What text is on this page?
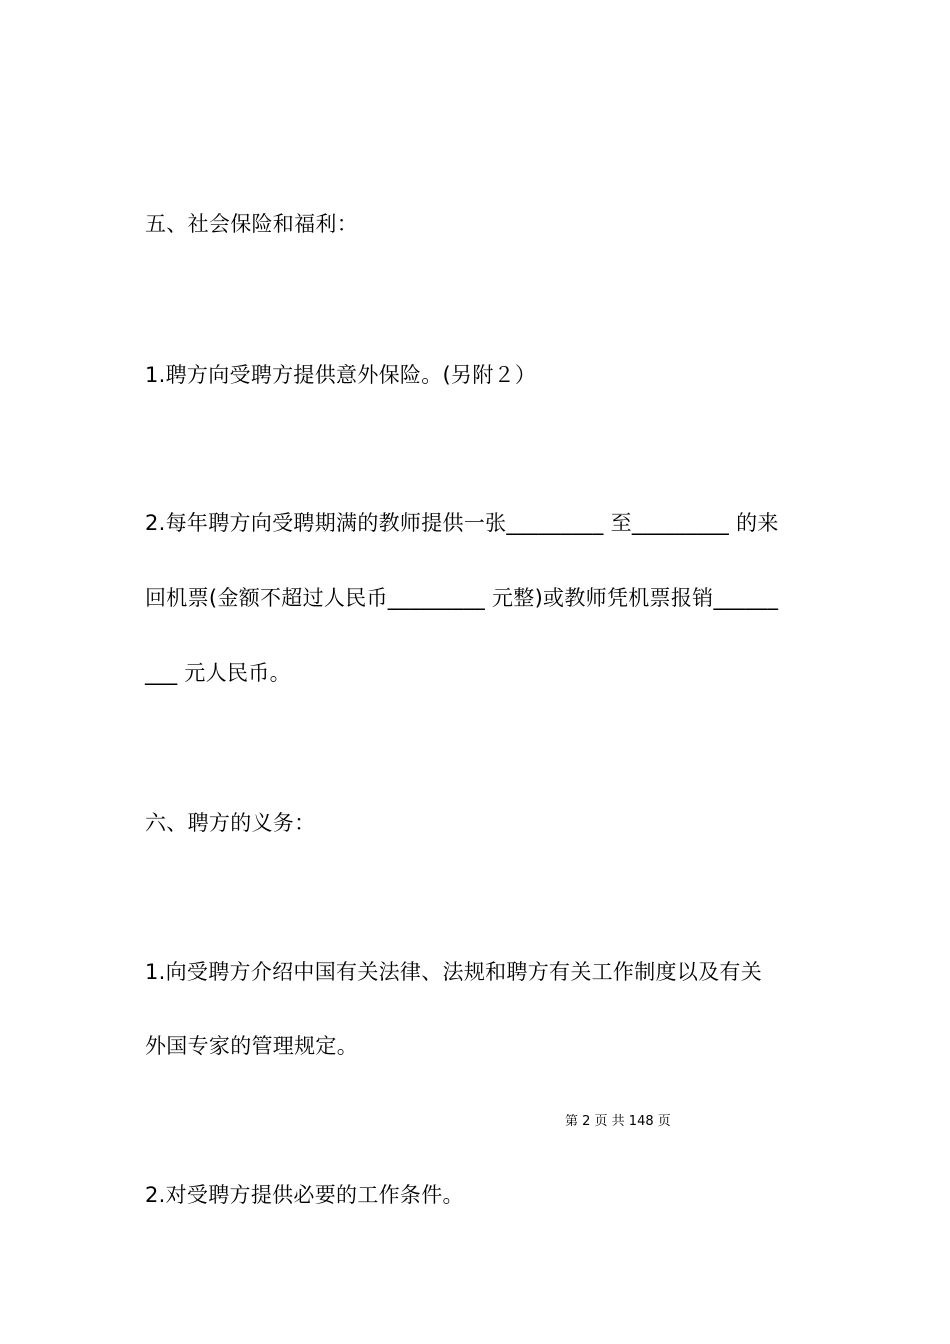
五、社会保险和福利：
1.聘方向受聘方提供意外保险。(另附２）
2.每年聘方向受聘期满的教师提供一张_________ 至_________ 的来
回机票(金额不超过人民币_________ 元整)或教师凭机票报销______
___ 元人民币。
六、聘方的义务：
1.向受聘方介绍中国有关法律、法规和聘方有关工作制度以及有关
外国专家的管理规定。
第 2 页 共 148 页
2.对受聘方提供必要的工作条件。
